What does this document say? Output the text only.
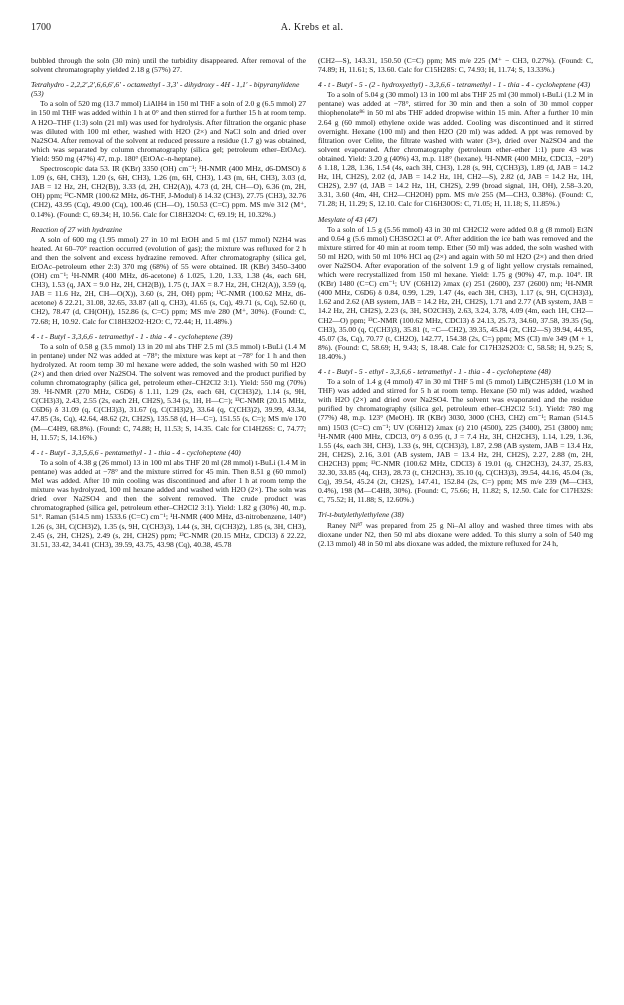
1700	A. Krebs et al.

bubbled through the soln (30 min) until the turbidity disappeared. After removal of the solvent chromatography yielded 2.18 g (57%) 27.

Tetrahydro - 2,2,2′,2′,6,6,6′,6′ - octamethyl - 3,3′ - dihydroxy - 4H - 1,1′ - bipyranylidene (53)

To a soln of 520 mg (13.7 mmol) LiAlH4 in 150 ml THF a soln of 2.0 g (6.5 mmol) 27 in 150 ml THF was added within 1 h at 0° and then stirred for a further 15 h at room temp. A H2O–THF (1:3) soln (21 ml) was used for hydrolysis. After filtration the organic phase was diluted with 100 ml ether, washed with H2O (2×) and NaCl soln and dried over Na2SO4. After removal of the solvent at reduced pressure a residue (1.7 g) was obtained, which was separated by column chromatography (silica gel; petroleum ether–EtOAc). Yield: 950 mg (47%) 47, m.p. 180° (EtOAc–n-heptane).

Spectroscopic data 53. IR (KBr) 3350 (OH) cm⁻¹; ¹H-NMR (400 MHz, d6-DMSO) δ 1.09 (s, 6H, CH3), 1.20 (s, 6H, CH3), 1.26 (m, 6H, CH3), 1.43 (m, 6H, CH3), 3.03 (d, JAB = 12 Hz, 2H, CH2(B)), 3.33 (d, 2H, CH2(A)), 4.73 (d, 2H, CH—O), 6.36 (m, 2H, OH) ppm; ¹³C-NMR (100.62 MHz, d6-THF, J-Modul) δ 14.32 (CH3), 27.75 (CH3), 32.76 (CH2), 43.95 (Cq), 49.00 (Cq), 100.46 (CH—O), 150.53 (C=C) ppm. MS m/e 312 (M⁺, 0.14%). (Found: C, 69.34; H, 10.56. Calc for C18H32O4: C, 69.19; H, 10.32%.)

Reaction of 27 with hydrazine

A soln of 600 mg (1.95 mmol) 27 in 10 ml EtOH and 5 ml (157 mmol) N2H4 was heated. At 60–70° reaction occurred (evolution of gas); the mixture was refluxed for 2 h and then the solvent and excess hydrazine removed. After chromatography (silica gel, EtOAc–petroleum ether 2:3) 370 mg (68%) of 55 were obtained. IR (KBr) 3450–3400 (OH) cm⁻¹; ¹H-NMR (400 MHz, d6-acetone) δ 1.025, 1.20, 1.33, 1.38 (4s, each 6H, CH3), 1.53 (q, JAX = 9.0 Hz, 2H, CH2(B)), 1.75 (t, JAX = 8.7 Hz, 2H, CH2(A)), 3.59 (q, JAB = 11.6 Hz, 2H, CH—O(X)), 3.60 (s, 2H, OH) ppm; ¹³C-NMR (100.62 MHz, d6-acetone) δ 22.21, 31.08, 32.65, 33.87 (all q, CH3), 41.65 (s, Cq), 49.71 (s, Cq), 52.60 (t, CH2), 78.47 (d, CH(OH)), 152.86 (s, C=C) ppm; MS m/e 280 (M⁺, 30%). (Found: C, 72.68; H, 10.92. Calc for C18H32O2·H2O: C, 72.44; H, 11.48%.)

4 - t - Butyl - 3,3,6,6 - tetramethyl - 1 - thia - 4 - cycloheptene (39)

To a soln of 0.58 g (3.5 mmol) 13 in 20 ml abs THF 2.5 ml (3.5 mmol) t-BuLi (1.4 M in pentane) under N2 was added at −78°; the mixture was kept at −78° for 1 h and then hydrolyzed. At room temp 30 ml hexane were added, the soln washed with 50 ml H2O (2×) and then dried over Na2SO4. The solvent was removed and the product purified by column chromatography (silica gel, petroleum ether–CH2Cl2 3:1). Yield: 550 mg (70%) 39. ¹H-NMR (270 MHz, C6D6) δ 1.11, 1.29 (2s, each 6H, C(CH3)2), 1.14 (s, 9H, C(CH3)3), 2.43, 2.55 (2s, each 2H, CH2S), 5.34 (s, 1H, H—C=); ¹³C-NMR (20.15 MHz, C6D6) δ 31.09 (q, C(CH3)3), 31.67 (q, C(CH3)2), 33.64 (q, C(CH3)2), 39.99, 43.34, 47.85 (3s, Cq), 42.64, 48.62 (2t, CH2S), 135.58 (d, H—C=), 151.55 (s, C=); MS m/e 170 (M—C4H9, 68.8%). (Found: C, 74.88; H, 11.53; S, 14.35. Calc for C14H26S: C, 74.77; H, 11.57; S, 14.16%.)

4 - t - Butyl - 3,3,5,6,6 - pentamethyl - 1 - thia - 4 - cycloheptene (40)

To a soln of 4.38 g (26 mmol) 13 in 100 ml abs THF 20 ml (28 mmol) t-BuLi (1.4 M in pentane) was added at −78° and the mixture stirred for 45 min. Then 8.51 g (60 mmol) MeI was added. After 10 min cooling was discontinued and after 1 h at room temp the mixture was hydrolyzed, 100 ml hexane added and washed with H2O (2×). The soln was dried over Na2SO4 and then the solvent removed. The crude product was chromatographed (silica gel, petroleum ether–CH2Cl2 3:1). Yield: 1.82 g (30%) 40, m.p. 51°. Raman (514.5 nm) 1533.6 (C=C) cm⁻¹; ¹H-NMR (400 MHz, d3-nitrobenzene, 140°) 1.26 (s, 3H, C(CH3)2), 1.35 (s, 9H, C(CH3)3), 1.44 (s, 3H, C(CH3)2), 1.85 (s, 3H, CH3), 2.45 (s, 2H, CH2S), 2.49 (s, 2H, CH2S) ppm; ¹³C-NMR (20.15 MHz, CDCl3) δ 22.22, 31.51, 33.42, 34.41 (CH3), 39.59, 43.75, 43.98 (Cq), 40.38, 45.78

(CH2—S), 143.31, 150.50 (C=C) ppm; MS m/e 225 (M⁺ − CH3, 0.27%). (Found: C, 74.89; H, 11.61; S, 13.60. Calc for C15H28S: C, 74.93; H, 11.74; S, 13.33%.)

4 - t - Butyl - 5 - (2 - hydroxyethyl) - 3,3,6,6 - tetramethyl - 1 - thia - 4 - cycloheptene (43)

To a soln of 5.04 g (30 mmol) 13 in 100 ml abs THF 25 ml (30 mmol) t-BuLi (1.2 M in pentane) was added at −78°, stirred for 30 min and then a soln of 30 mmol copper thiophenolate⁸⁶ in 50 ml abs THF added dropwise within 15 min. After a further 10 min 2.64 g (60 mmol) ethylene oxide was added. Cooling was discontinued and it stirred overnight. Hexane (100 ml) and then H2O (20 ml) was added. A ppt was removed by filtration over Celite, the filtrate washed with water (3×), dried over Na2SO4 and the solvent evaporated. After chromatography (petroleum ether–ether 1:1) pure 43 was obtained. Yield: 3.20 g (40%) 43, m.p. 118° (hexane). ¹H-NMR (400 MHz, CDCl3, −20°) δ 1.18, 1.28, 1.36, 1.54 (4s, each 3H, CH3), 1.28 (s, 9H, C(CH3)3), 1.89 (d, JAB = 14.2 Hz, 1H, CH2S), 2.02 (d, JAB = 14.2 Hz, 1H, CH2—S), 2.82 (d, JAB = 14.2 Hz, 1H, CH2S), 2.97 (d, JAB = 14.2 Hz, 1H, CH2S), 2.99 (broad signal, 1H, OH), 2.58–3.20, 3.31, 3.60 (4m, 4H, CH2—CH2OH) ppm. MS m/e 255 (M—CH3, 0.38%). (Found: C, 71.28; H, 11.29; S, 12.10. Calc for C16H30OS: C, 71.05; H, 11.18; S, 11.85%.)

Mesylate of 43 (47)

To a soln of 1.5 g (5.56 mmol) 43 in 30 ml CH2Cl2 were added 0.8 g (8 mmol) Et3N and 0.64 g (5.6 mmol) CH3SO2Cl at 0°. After addition the ice bath was removed and the mixture stirred for 40 min at room temp. Ether (50 ml) was added, the soln washed with 50 ml H2O, with 50 ml 10% HCl aq (2×) and again with 50 ml H2O (2×) and then dried over Na2SO4. After evaporation of the solvent 1.9 g of light yellow crystals remained, which were recrystallized from 150 ml hexane. Yield: 1.75 g (90%) 47, m.p. 104°. IR (KBr) 1480 (C=C) cm⁻¹; UV (C6H12) λmax (ε) 251 (2600), 237 (2600) nm; ¹H-NMR (400 MHz, C6D6) δ 0.84, 0.99, 1.29, 1.47 (4s, each 3H, CH3), 1.17 (s, 9H, C(CH3)3), 1.62 and 2.62 (AB system, JAB = 14.2 Hz, 2H, CH2S), 1.71 and 2.77 (AB system, JAB = 14.2 Hz, 2H, CH2S), 2.23 (s, 3H, SO2CH3), 2.63, 3.24, 3.78, 4.09 (4m, each 1H, CH2—CH2—O) ppm; ¹³C-NMR (100.62 MHz, CDCl3) δ 24.13, 25.73, 34.60, 37.58, 39.35 (5q, CH3), 35.00 (q, C(CH3)3), 35.81 (t, =C—CH2), 39.35, 45.84 (2t, CH2—S) 39.94, 44.95, 45.07 (3s, Cq), 70.77 (t, CH2O), 142.77, 154.38 (2s, C=) ppm; MS (CI) m/e 349 (M + 1, 8%). (Found: C, 58.69; H, 9.43; S, 18.48. Calc for C17H32S2O3: C, 58.58; H, 9.25; S, 18.40%.)

4 - t - Butyl - 5 - ethyl - 3,3,6,6 - tetramethyl - 1 - thia - 4 - cycloheptene (48)

To a soln of 1.4 g (4 mmol) 47 in 30 ml THF 5 ml (5 mmol) LiB(C2H5)3H (1.0 M in THF) was added and stirred for 5 h at room temp. Hexane (50 ml) was added, washed with H2O (2×) and dried over Na2SO4. The solvent was evaporated and the residue purified by chromatography (silica gel, petroleum ether–CH2Cl2 5:1). Yield: 780 mg (77%) 48, m.p. 123° (MeOH). IR (KBr) 3030, 3000 (CH3, CH2) cm⁻¹; Raman (514.5 nm) 1503 (C=C) cm⁻¹; UV (C6H12) λmax (ε) 210 (4500), 225 (3400), 251 (3800) nm; ¹H-NMR (400 MHz, CDCl3, 0°) δ 0.95 (t, J = 7.4 Hz, 3H, CH2CH3), 1.14, 1.29, 1.36, 1.55 (4s, each 3H, CH3), 1.33 (s, 9H, C(CH3)3), 1.87, 2.98 (AB system, JAB = 13.4 Hz, 2H, CH2S), 2.16, 3.01 (AB system, JAB = 13.4 Hz, 2H, CH2S), 2.27, 2.88 (m, 2H, CH2CH3) ppm; ¹³C-NMR (100.62 MHz, CDCl3) δ 19.01 (q, CH2CH3), 24.37, 25.83, 32.30, 33.85 (4q, CH3), 28.73 (t, CH2CH3), 35.10 (q, C(CH3)3), 39.54, 44.16, 45.04 (3s, Cq), 39.54, 45.24 (2t, CH2S), 147.41, 152.84 (2s, C=) ppm; MS m/e 239 (M—CH3, 0.4%), 198 (M—C4H8, 30%). (Found: C, 75.66; H, 11.82; S, 12.50. Calc for C17H32S: C, 75.52; H, 11.88; S, 12.60%.)

Tri-t-butylethylethylene (38)

Raney Ni⁸⁷ was prepared from 25 g Ni–Al alloy and washed three times with abs dioxane under N2, then 50 ml abs dioxane were added. To this slurry a soln of 540 mg (2.13 mmol) 48 in 50 ml abs dioxane was added, the mixture refluxed for 24 h,
